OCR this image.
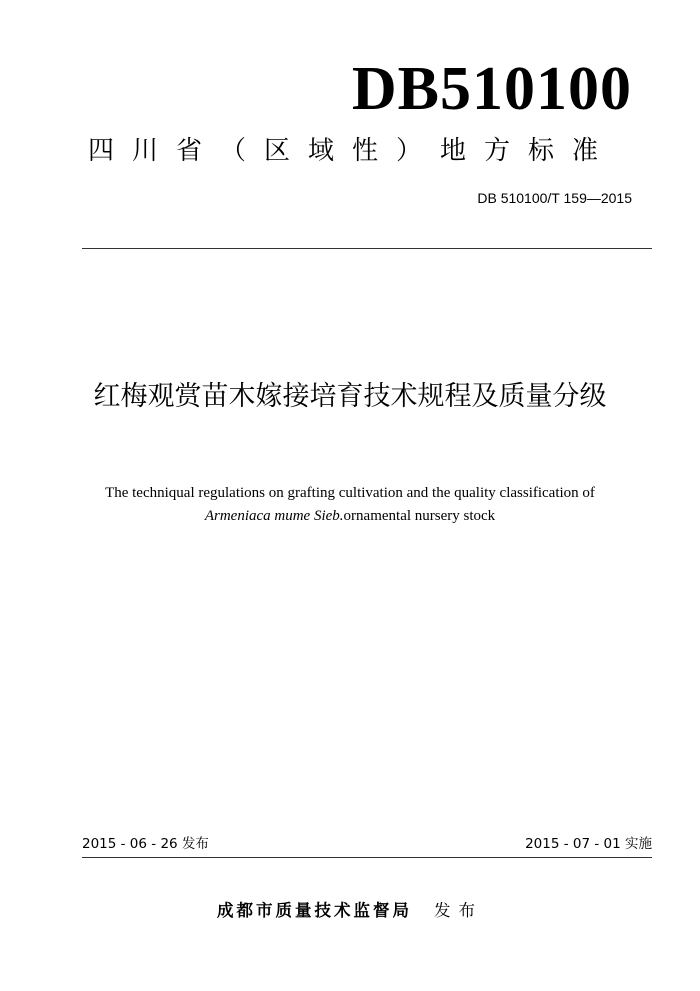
DB510100
四川省（区域性）地方标准
DB 510100/T 159—2015
红梅观赏苗木嫁接培育技术规程及质量分级
The techniqual regulations on grafting cultivation and the quality classification of
Armeniaca mume Sieb.ornamental nursery stock
2015 - 06 - 26 发布	2015 - 07 - 01 实施
成都市质量技术监督局 发布
